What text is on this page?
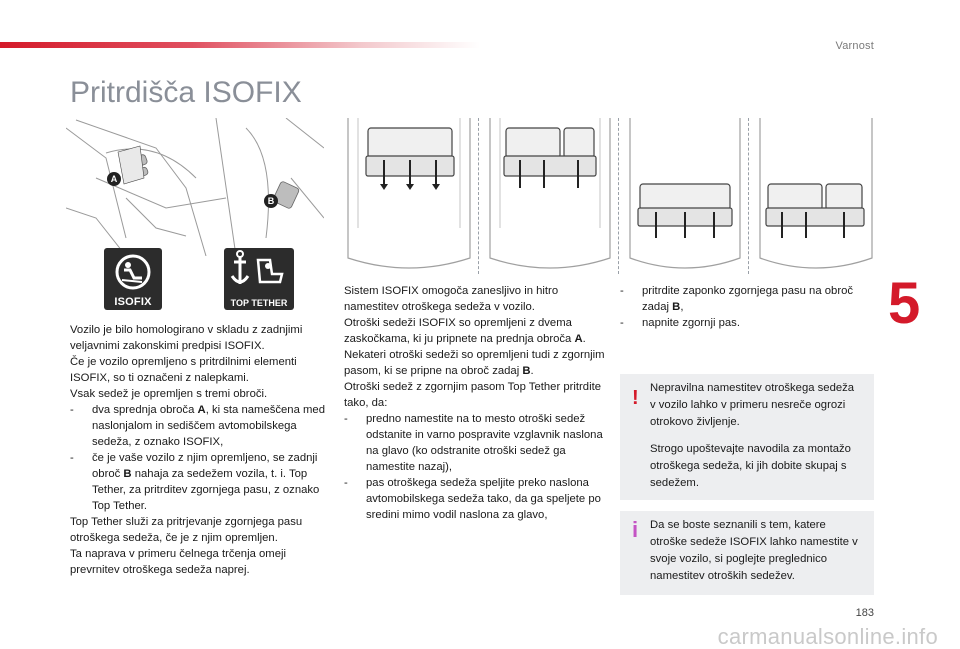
Varnost
Pritrdišča ISOFIX
A
B
ISOFIX	TOP TETHER

Vozilo je bilo homologirano v skladu z zadnjimi veljavnimi zakonskimi predpisi ISOFIX.

Če je vozilo opremljeno s pritrdilnimi elementi ISOFIX, so ti označeni z nalepkami.

Vsak sedež je opremljen s tremi obroči.

-	dva sprednja obroča A, ki sta nameščena med naslonjalom in sediščem avtomobilskega sedeža, z oznako ISOFIX,
-	če je vaše vozilo z njim opremljeno, se zadnji obroč B nahaja za sedežem vozila, t. i. Top Tether, za pritrditev zgornjega pasu, z oznako Top Tether.

Top Tether služi za pritrjevanje zgornjega pasu otroškega sedeža, če je z njim opremljen.

Ta naprava v primeru čelnega trčenja omeji prevrnitev otroškega sedeža naprej.

Sistem ISOFIX omogoča zanesljivo in hitro namestitev otroškega sedeža v vozilo.

Otroški sedeži ISOFIX so opremljeni z dvema zaskočkama, ki ju pripnete na prednja obroča A.

Nekateri otroški sedeži so opremljeni tudi z zgornjim pasom, ki se pripne na obroč zadaj B.

Otroški sedež z zgornjim pasom Top Tether pritrdite tako, da:

-	predno namestite na to mesto otroški sedež odstanite in varno pospravite vzglavnik naslona na glavo (ko odstranite otroški sedež ga namestite nazaj),
-	pas otroškega sedeža speljite preko naslona avtomobilskega sedeža tako, da ga speljete po sredini mimo vodil naslona za glavo,
-	pritrdite zaponko zgornjega pasu na obroč zadaj B,
-	napnite zgornji pas.
! Nepravilna namestitev otroškega sedeža v vozilo lahko v primeru nesreče ogrozi otrokovo življenje.

Strogo upoštevajte navodila za montažo otroškega sedeža, ki jih dobite skupaj s sedežem.

i Da se boste seznanili s tem, katere otroške sedeže ISOFIX lahko namestite v svoje vozilo, si poglejte preglednico namestitev otroških sedežev.

5
183
carmanualsonline.info
